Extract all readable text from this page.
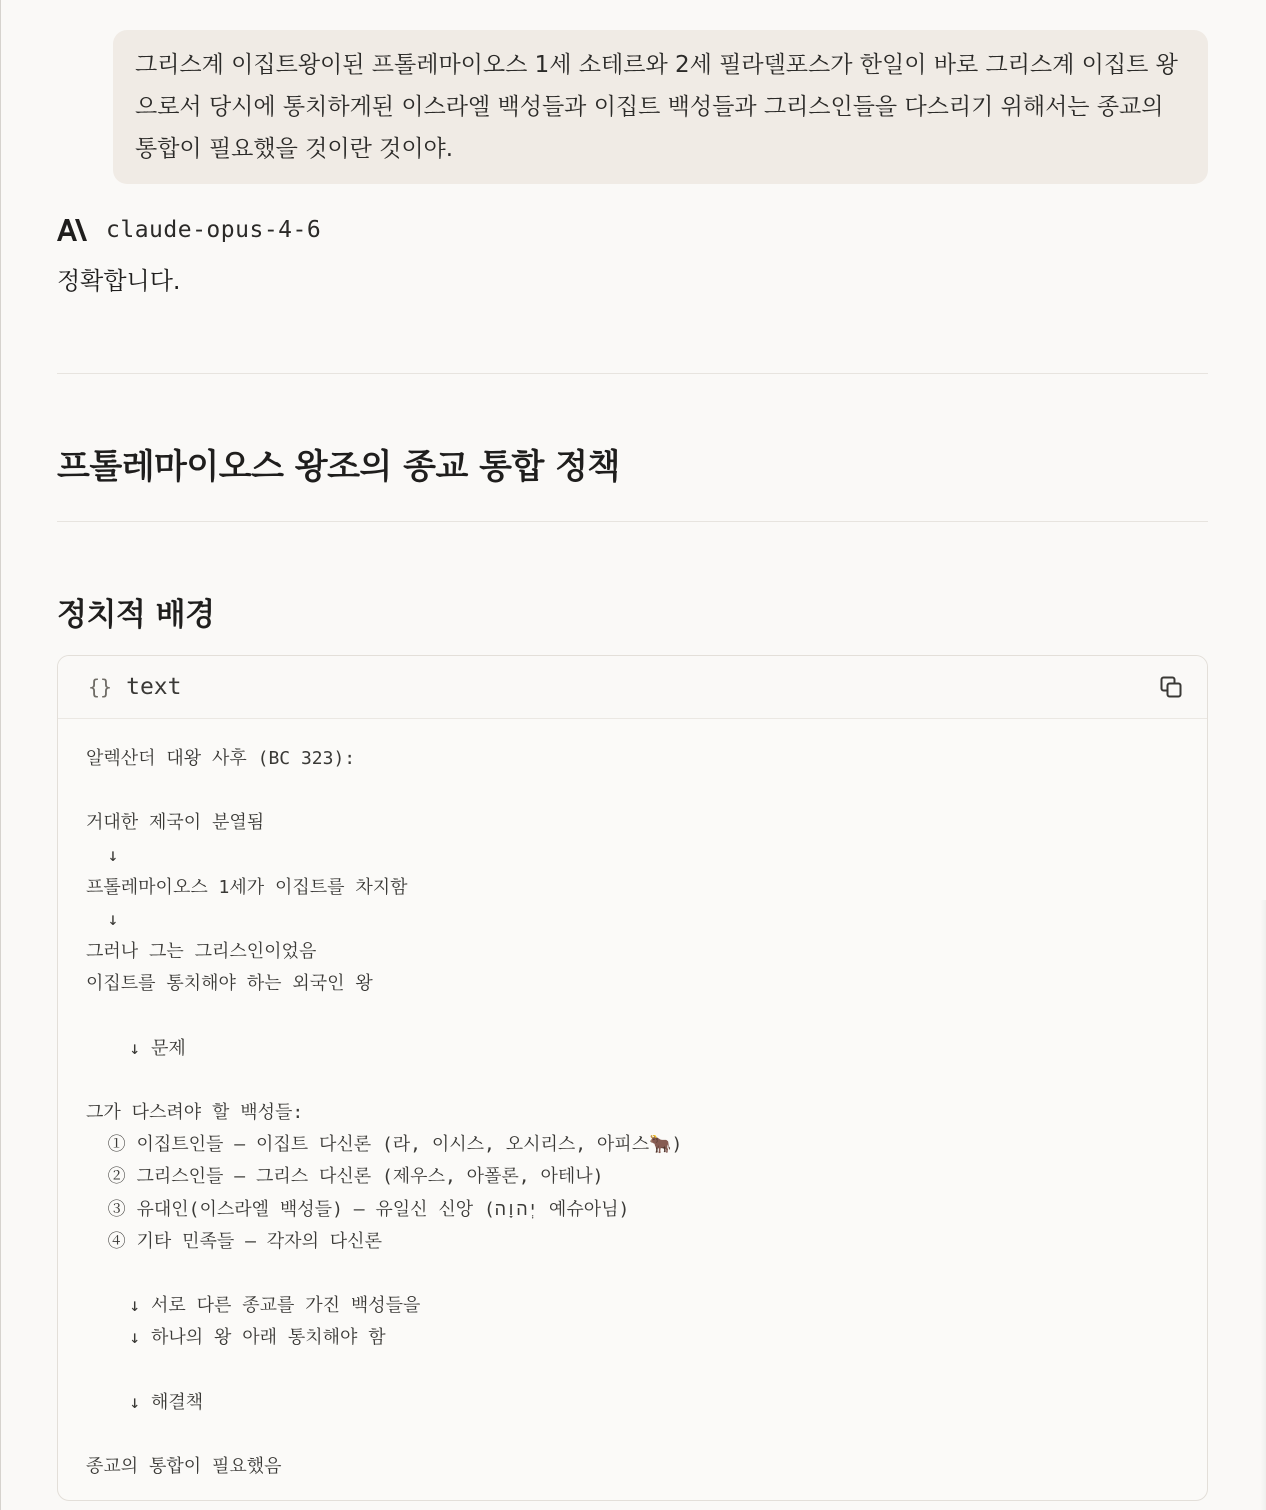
그리스계 이집트왕이된 프톨레마이오스 1세 소테르와 2세 필라델포스가 한일이 바로 그리스계 이집트 왕으로서 당시에 통치하게된 이스라엘 백성들과 이집트 백성들과 그리스인들을 다스리기 위해서는 종교의 통합이 필요했을 것이란 것이야.
claude-opus-4-6
정확합니다.
프톨레마이오스 왕조의 종교 통합 정책
정치적 배경
{} text
알렉산더 대왕 사후 (BC 323):
거대한 제국이 분열됨
↓
프톨레마이오스 1세가 이집트를 차지함
↓
그러나 그는 그리스인이었음
이집트를 통치해야 하는 외국인 왕
↓ 문제
그가 다스려야 할 백성들:
① 이집트인들 – 이집트 다신론 (라, 이시스, 오시리스, 아피스🐂)
② 그리스인들 – 그리스 다신론 (제우스, 아폴론, 아테나)
③ 유대인(이스라엘 백성들) – 유일신 신앙 (יְהוָה 예슈아님)
④ 기타 민족들 – 각자의 다신론
↓ 서로 다른 종교를 가진 백성들을
↓ 하나의 왕 아래 통치해야 함
↓ 해결책
종교의 통합이 필요했음
